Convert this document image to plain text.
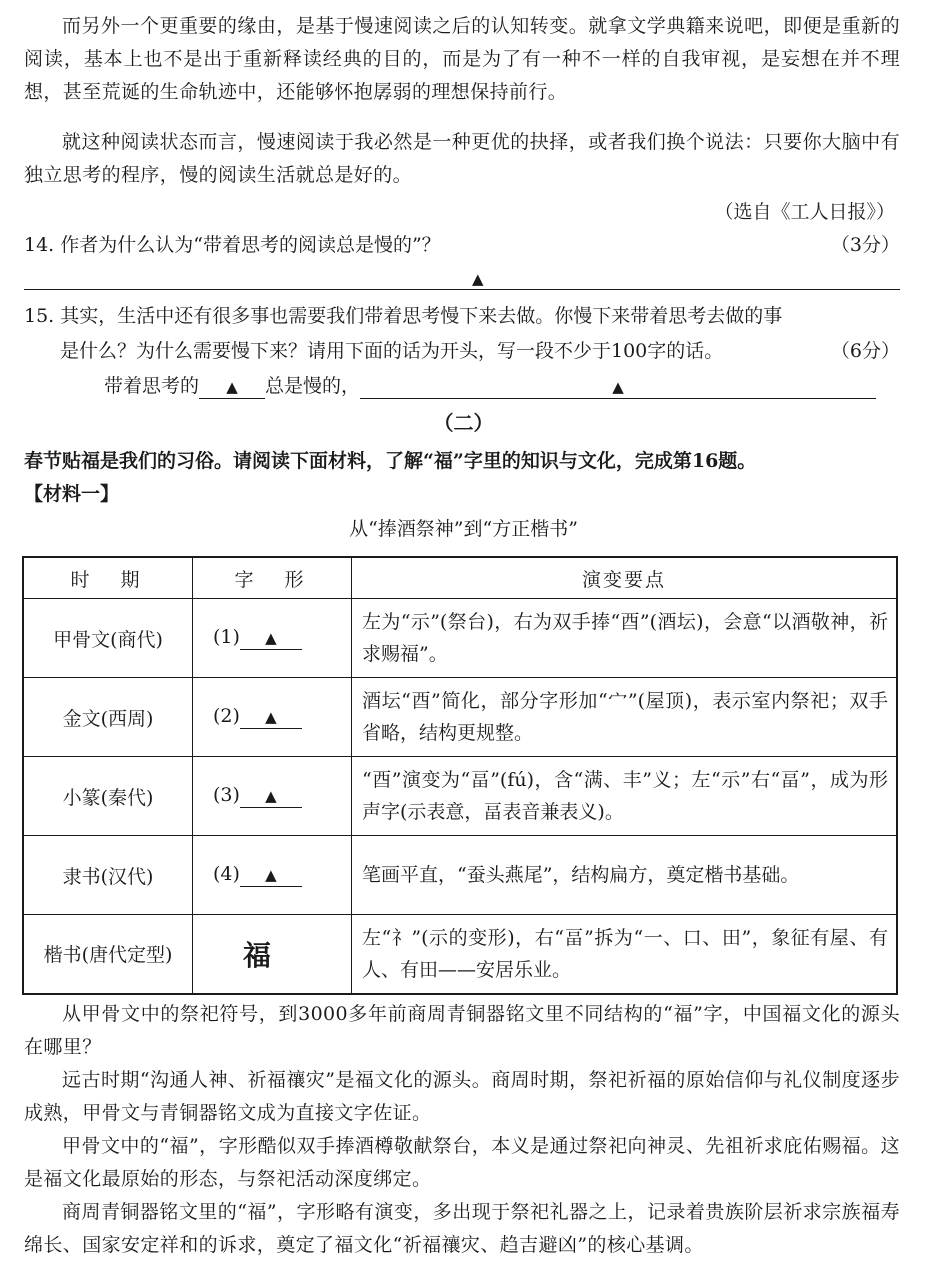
而另外一个更重要的缘由，是基于慢速阅读之后的认知转变。就拿文学典籍来说吧，即便是重新的阅读，基本上也不是出于重新释读经典的目的，而是为了有一种不一样的自我审视，是妄想在并不理想，甚至荒诞的生命轨迹中，还能够怀抱孱弱的理想保持前行。

就这种阅读状态而言，慢速阅读于我必然是一种更优的抉择，或者我们换个说法：只要你大脑中有独立思考的程序，慢的阅读生活就总是好的。

（选自《工人日报》）
14. 作者为什么认为“带着思考的阅读总是慢的”？	（3分）
▲
15. 其实，生活中还有很多事也需要我们带着思考慢下来去做。你慢下来带着思考去做的事
是什么？为什么需要慢下来？请用下面的话为开头，写一段不少于100字的话。	（6分）
带着思考的 ▲ 总是慢的，	▲
（二）
春节贴福是我们的习俗。请阅读下面材料，了解“福”字里的知识与文化，完成第16题。
【材料一】
从“捧酒祭神”到“方正楷书”
时　期	字　形	演变要点
甲骨文(商代)	(1) ▲	左为“示”(祭台)，右为双手捧“酉”(酒坛)，会意“以酒敬神，祈求赐福”。
金文(西周)	(2) ▲	酒坛“酉”简化，部分字形加“宀”(屋顶)，表示室内祭祀；双手省略，结构更规整。
小篆(秦代)	(3) ▲	“酉”演变为“畐”(fú)，含“满、丰”义；左“示”右“畐”，成为形声字(示表意，畐表音兼表义)。
隶书(汉代)	(4) ▲	笔画平直，“蚕头燕尾”，结构扁方，奠定楷书基础。
楷书(唐代定型)	福	左“礻”(示的变形)，右“畐”拆为“一、口、田”，象征有屋、有人、有田——安居乐业。

从甲骨文中的祭祀符号，到3000多年前商周青铜器铭文里不同结构的“福”字，中国福文化的源头在哪里？

远古时期“沟通人神、祈福禳灾”是福文化的源头。商周时期，祭祀祈福的原始信仰与礼仪制度逐步成熟，甲骨文与青铜器铭文成为直接文字佐证。

甲骨文中的“福”，字形酷似双手捧酒樽敬献祭台，本义是通过祭祀向神灵、先祖祈求庇佑赐福。这是福文化最原始的形态，与祭祀活动深度绑定。

商周青铜器铭文里的“福”，字形略有演变，多出现于祭祀礼器之上，记录着贵族阶层祈求宗族福寿绵长、国家安定祥和的诉求，奠定了福文化“祈福禳灾、趋吉避凶”的核心基调。
